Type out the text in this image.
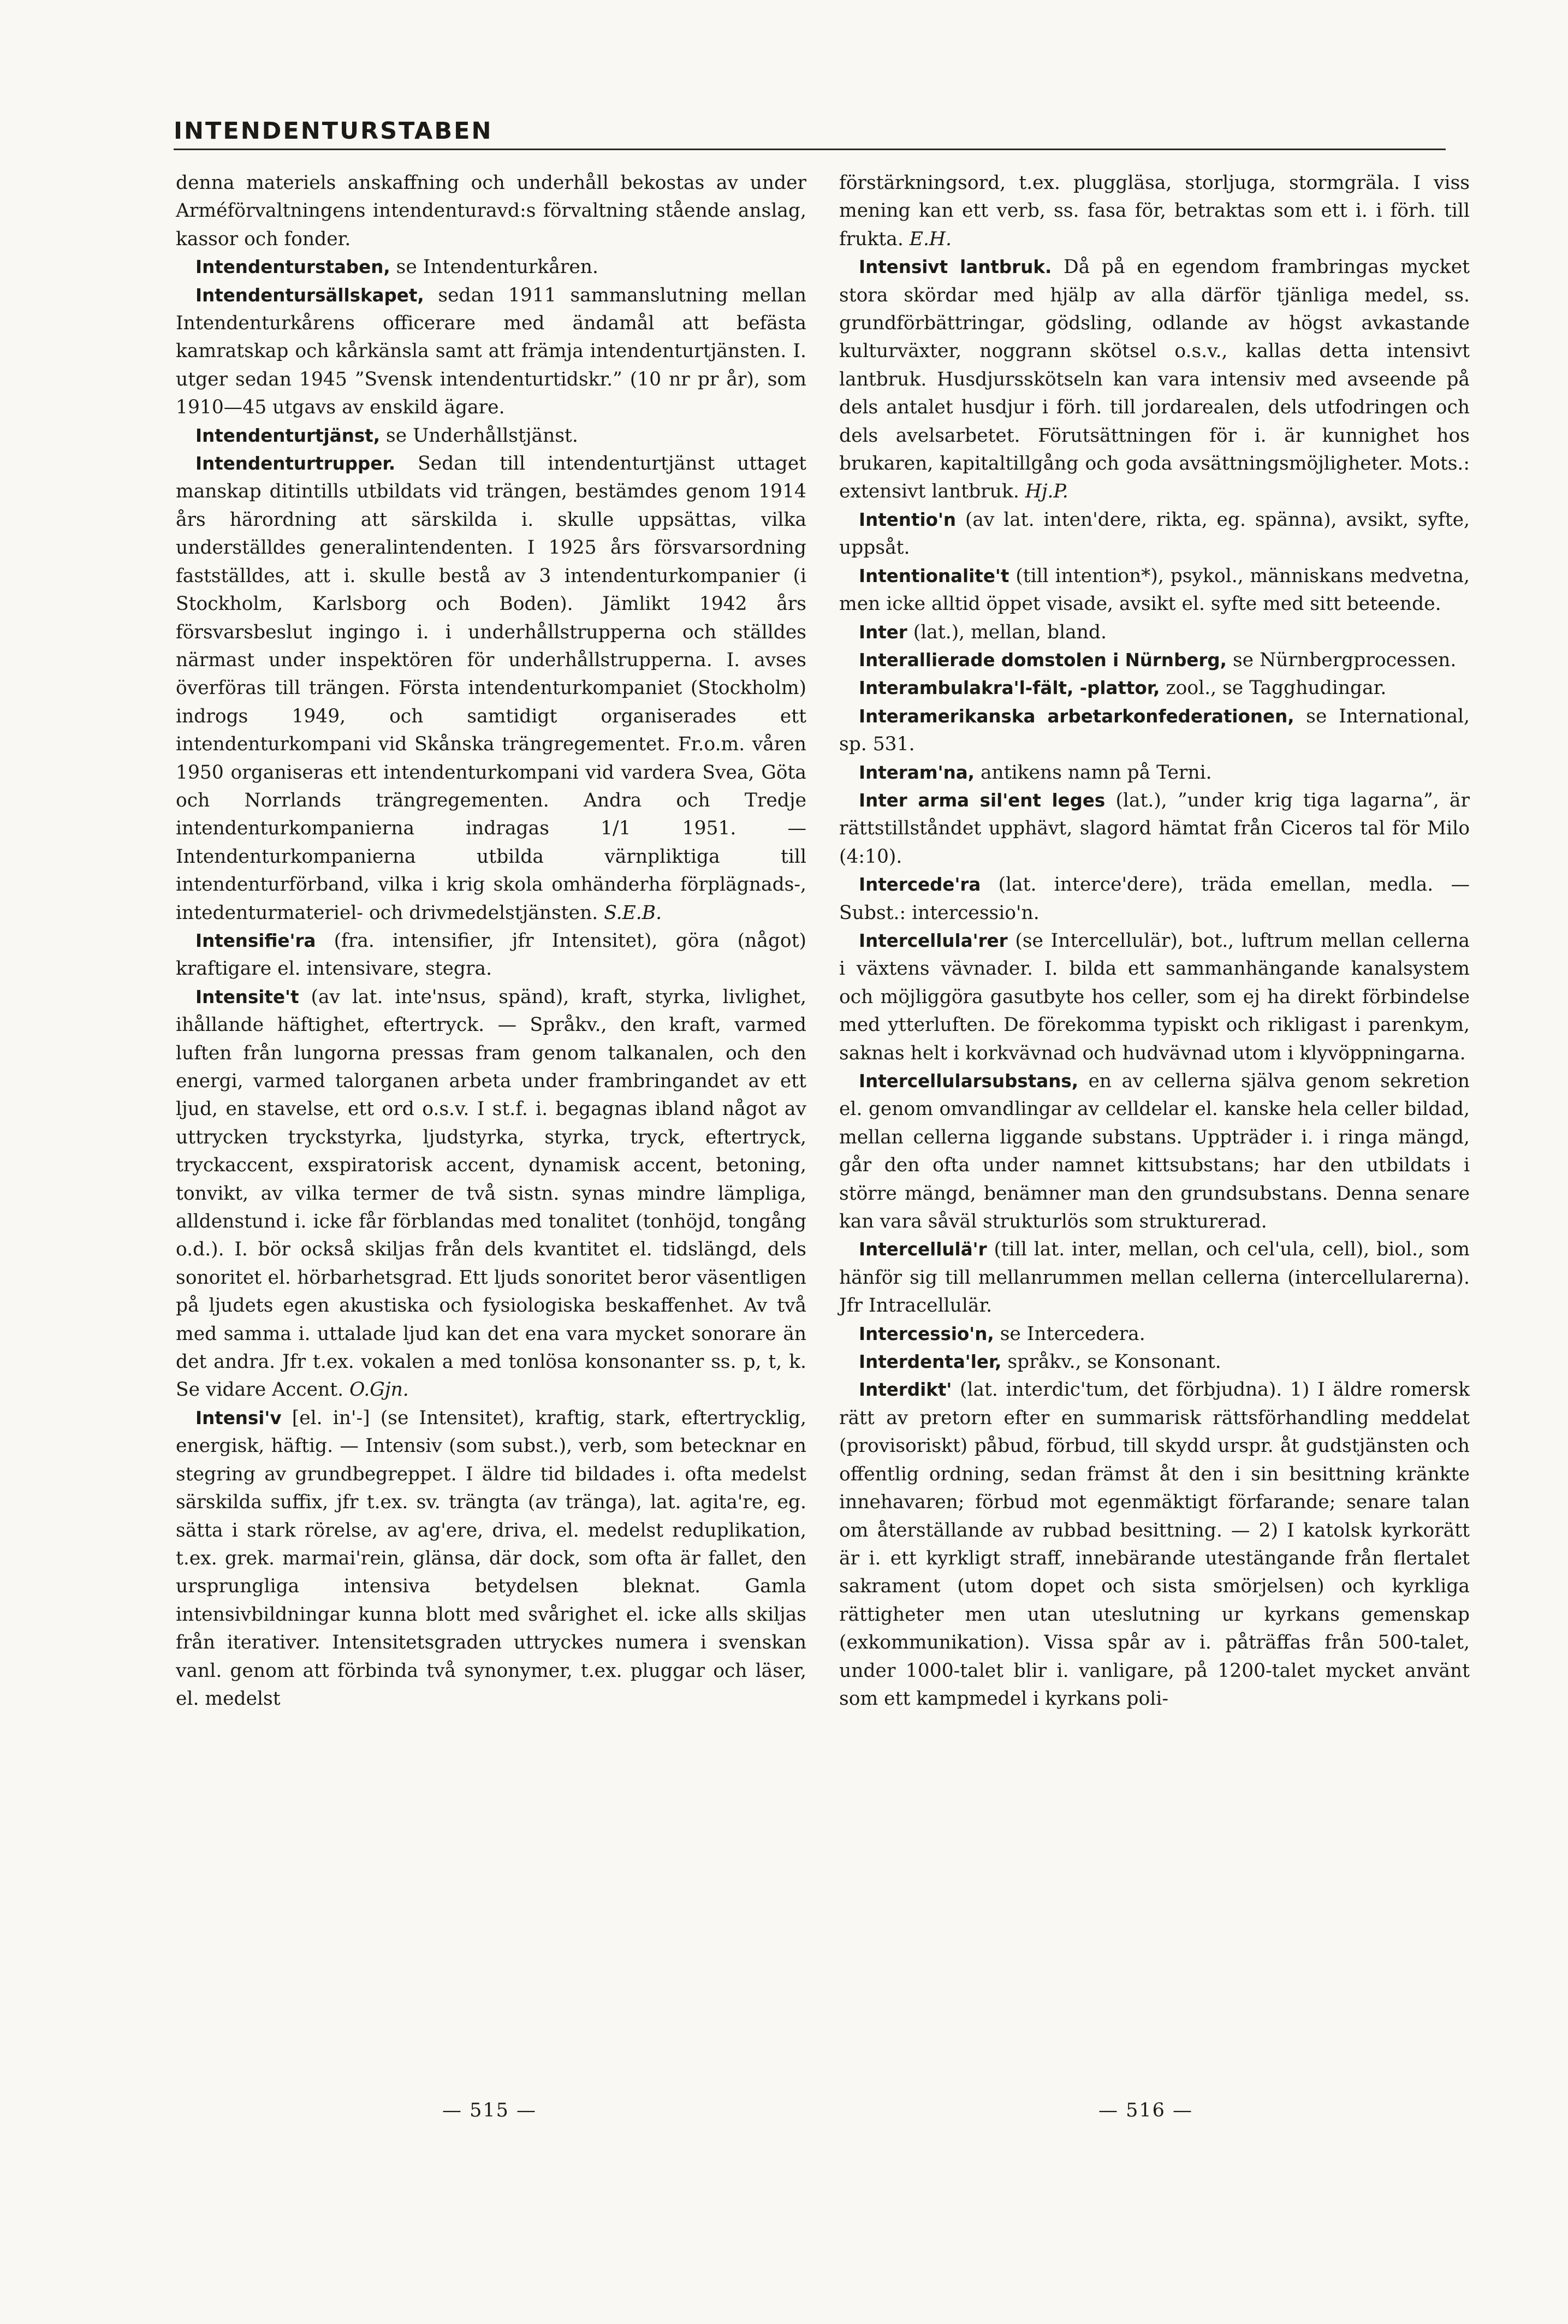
INTENDENTURSTABEN

denna materiels anskaffning och underhåll bekostas av under Arméförvaltningens intendenturavd:s förvaltning stående anslag, kassor och fonder.

Intendenturstaben, se Intendenturkåren.

Intendentursällskapet, sedan 1911 sammanslutning mellan Intendenturkårens officerare med ändamål att befästa kamratskap och kårkänsla samt att främja intendenturtjänsten. I. utger sedan 1945 ”Svensk intendenturtidskr.” (10 nr pr år), som 1910—45 utgavs av enskild ägare.

Intendenturtjänst, se Underhållstjänst.

Intendenturtrupper. Sedan till intendenturtjänst uttaget manskap ditintills utbildats vid trängen, bestämdes genom 1914 års härordning att särskilda i. skulle uppsättas, vilka underställdes generalintendenten. I 1925 års försvarsordning fastställdes, att i. skulle bestå av 3 intendenturkompanier (i Stockholm, Karlsborg och Boden). Jämlikt 1942 års försvarsbeslut ingingo i. i underhållstrupperna och ställdes närmast under inspektören för underhållstrupperna. I. avses överföras till trängen. Första intendenturkompaniet (Stockholm) indrogs 1949, och samtidigt organiserades ett intendenturkompani vid Skånska trängregementet. Fr.o.m. våren 1950 organiseras ett intendenturkompani vid vardera Svea, Göta och Norrlands trängregementen. Andra och Tredje intendenturkompanierna indragas 1/1 1951. — Intendenturkompanierna utbilda värnpliktiga till intendenturförband, vilka i krig skola omhänderha förplägnads-, intedenturmateriel- och drivmedelstjänsten. S.E.B.

Intensifie'ra (fra. intensifier, jfr Intensitet), göra (något) kraftigare el. intensivare, stegra.

Intensite't (av lat. inte'nsus, spänd), kraft, styrka, livlighet, ihållande häftighet, eftertryck. — Språkv., den kraft, varmed luften från lungorna pressas fram genom talkanalen, och den energi, varmed talorganen arbeta under frambringandet av ett ljud, en stavelse, ett ord o.s.v. I st.f. i. begagnas ibland något av uttrycken tryckstyrka, ljudstyrka, styrka, tryck, eftertryck, tryckaccent, exspiratorisk accent, dynamisk accent, betoning, tonvikt, av vilka termer de två sistn. synas mindre lämpliga, alldenstund i. icke får förblandas med tonalitet (tonhöjd, tongång o.d.). I. bör också skiljas från dels kvantitet el. tidslängd, dels sonoritet el. hörbarhetsgrad. Ett ljuds sonoritet beror väsentligen på ljudets egen akustiska och fysiologiska beskaffenhet. Av två med samma i. uttalade ljud kan det ena vara mycket sonorare än det andra. Jfr t.ex. vokalen a med tonlösa konsonanter ss. p, t, k. Se vidare Accent. O.Gjn.

Intensi'v [el. in'-] (se Intensitet), kraftig, stark, eftertrycklig, energisk, häftig. — Intensiv (som subst.), verb, som betecknar en stegring av grundbegreppet. I äldre tid bildades i. ofta medelst särskilda suffix, jfr t.ex. sv. trängta (av tränga), lat. agita're, eg. sätta i stark rörelse, av ag'ere, driva, el. medelst reduplikation, t.ex. grek. marmai'rein, glänsa, där dock, som ofta är fallet, den ursprungliga intensiva betydelsen bleknat. Gamla intensivbildningar kunna blott med svårighet el. icke alls skiljas från iterativer. Intensitetsgraden uttryckes numera i svenskan vanl. genom att förbinda två synonymer, t.ex. pluggar och läser, el. medelst

förstärkningsord, t.ex. pluggläsa, storljuga, stormgräla. I viss mening kan ett verb, ss. fasa för, betraktas som ett i. i förh. till frukta. E.H.

Intensivt lantbruk. Då på en egendom frambringas mycket stora skördar med hjälp av alla därför tjänliga medel, ss. grundförbättringar, gödsling, odlande av högst avkastande kulturväxter, noggrann skötsel o.s.v., kallas detta intensivt lantbruk. Husdjursskötseln kan vara intensiv med avseende på dels antalet husdjur i förh. till jordarealen, dels utfodringen och dels avelsarbetet. Förutsättningen för i. är kunnighet hos brukaren, kapitaltillgång och goda avsättningsmöjligheter. Mots.: extensivt lantbruk. Hj.P.

Intentio'n (av lat. inten'dere, rikta, eg. spänna), avsikt, syfte, uppsåt.

Intentionalite't (till intention*), psykol., människans medvetna, men icke alltid öppet visade, avsikt el. syfte med sitt beteende.

Inter (lat.), mellan, bland.

Interallierade domstolen i Nürnberg, se Nürnbergprocessen.

Interambulakra'l-fält, -plattor, zool., se Tagghudingar.

Interamerikanska arbetarkonfederationen, se International, sp. 531.

Interam'na, antikens namn på Terni.

Inter arma sil'ent leges (lat.), ”under krig tiga lagarna”, är rättstillståndet upphävt, slagord hämtat från Ciceros tal för Milo (4:10).

Intercede'ra (lat. interce'dere), träda emellan, medla. — Subst.: intercessio'n.

Intercellula'rer (se Intercellulär), bot., luftrum mellan cellerna i växtens vävnader. I. bilda ett sammanhängande kanalsystem och möjliggöra gasutbyte hos celler, som ej ha direkt förbindelse med ytterluften. De förekomma typiskt och rikligast i parenkym, saknas helt i korkvävnad och hudvävnad utom i klyvöppningarna.

Intercellularsubstans, en av cellerna själva genom sekretion el. genom omvandlingar av celldelar el. kanske hela celler bildad, mellan cellerna liggande substans. Uppträder i. i ringa mängd, går den ofta under namnet kittsubstans; har den utbildats i större mängd, benämner man den grundsubstans. Denna senare kan vara såväl strukturlös som strukturerad.

Intercellulä'r (till lat. inter, mellan, och cel'ula, cell), biol., som hänför sig till mellanrummen mellan cellerna (intercellularerna). Jfr Intracellulär.

Intercessio'n, se Intercedera.

Interdenta'ler, språkv., se Konsonant.

Interdikt' (lat. interdic'tum, det förbjudna). 1) I äldre romersk rätt av pretorn efter en summarisk rättsförhandling meddelat (provisoriskt) påbud, förbud, till skydd urspr. åt gudstjänsten och offentlig ordning, sedan främst åt den i sin besittning kränkte innehavaren; förbud mot egenmäktigt förfarande; senare talan om återställande av rubbad besittning. — 2) I katolsk kyrkorätt är i. ett kyrkligt straff, innebärande utestängande från flertalet sakrament (utom dopet och sista smörjelsen) och kyrkliga rättigheter men utan uteslutning ur kyrkans gemenskap (exkommunikation). Vissa spår av i. påträffas från 500-talet, under 1000-talet blir i. vanligare, på 1200-talet mycket använt som ett kampmedel i kyrkans poli-

— 515 —	— 516 —
